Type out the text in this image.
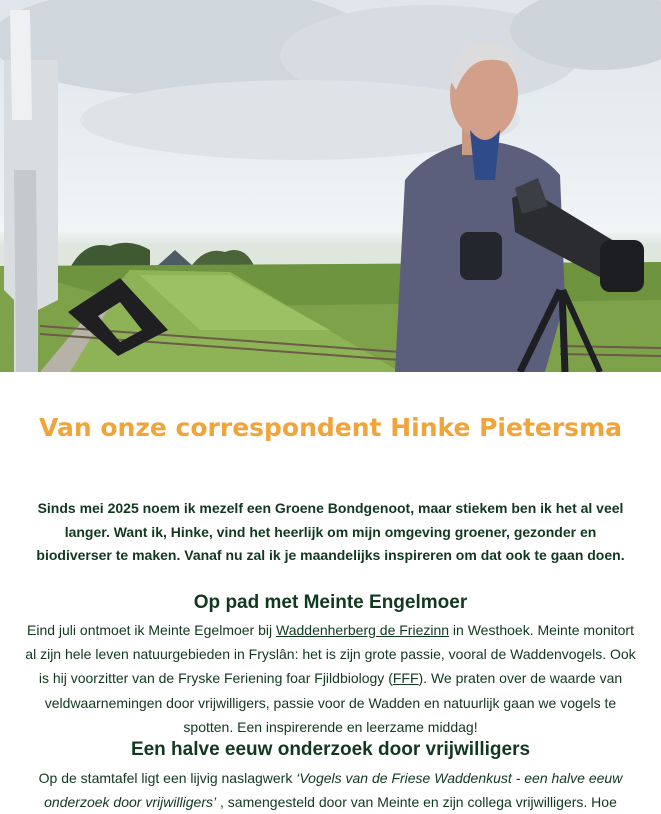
Van onze correspondent Hinke Pietersma

Sinds mei 2025 noem ik mezelf een Groene Bondgenoot, maar stiekem ben ik het al veel langer. Want ik, Hinke, vind het heerlijk om mijn omgeving groener, gezonder en biodiverser te maken. Vanaf nu zal ik je maandelijks inspireren om dat ook te gaan doen.

Op pad met Meinte Engelmoer

Eind juli ontmoet ik Meinte Egelmoer bij Waddenherberg de Friezinn in Westhoek. Meinte monitort al zijn hele leven natuurgebieden in Fryslân: het is zijn grote passie, vooral de Waddenvogels. Ook is hij voorzitter van de Fryske Feriening foar Fjildbiology (FFF). We praten over de waarde van veldwaarnemingen door vrijwilligers, passie voor de Wadden en natuurlijk gaan we vogels te spotten. Een inspirerende en leerzame middag!

Een halve eeuw onderzoek door vrijwilligers

Op de stamtafel ligt een lijvig naslagwerk ‘Vogels van de Friese Waddenkust - een halve eeuw onderzoek door vrijwilligers’ , samengesteld door van Meinte en zijn collega vrijwilligers. Hoe
